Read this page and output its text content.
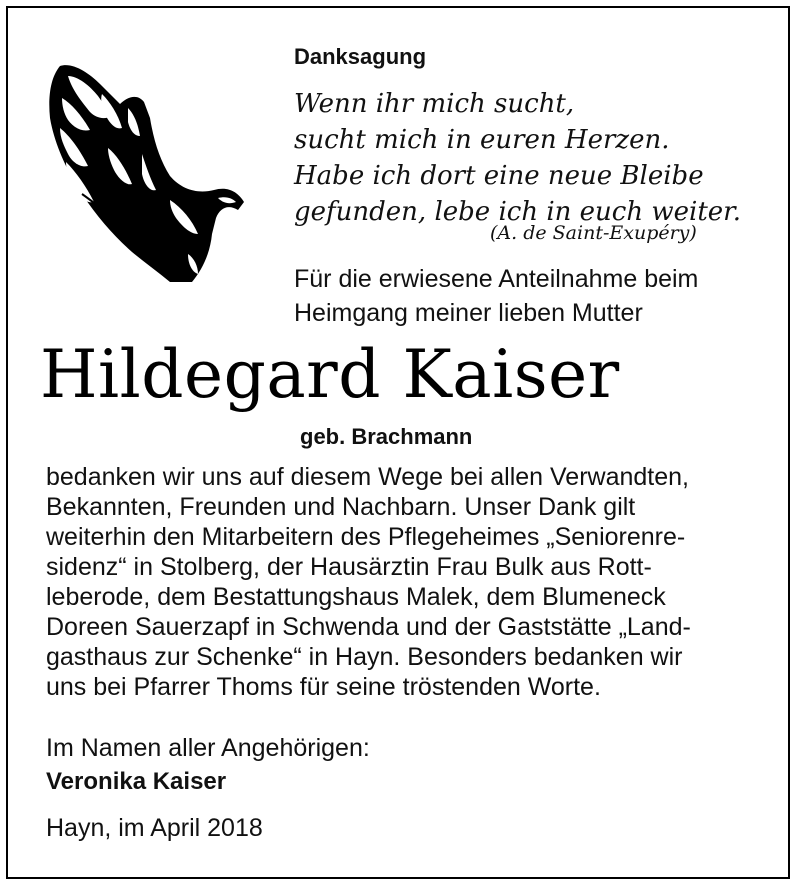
Danksagung
Wenn ihr mich sucht,
sucht mich in euren Herzen.
Habe ich dort eine neue Bleibe
gefunden, lebe ich in euch weiter.
(A. de Saint-Exupéry)
Für die erwiesene Anteilnahme beim
Heimgang meiner lieben Mutter
Hildegard Kaiser
geb. Brachmann
bedanken wir uns auf diesem Wege bei allen Verwandten,
Bekannten, Freunden und Nachbarn. Unser Dank gilt
weiterhin den Mitarbeitern des Pflegeheimes „Seniorenre-
sidenz“ in Stolberg, der Hausärztin Frau Bulk aus Rott-
leberode, dem Bestattungshaus Malek, dem Blumeneck
Doreen Sauerzapf in Schwenda und der Gaststätte „Land-
gasthaus zur Schenke“ in Hayn. Besonders bedanken wir
uns bei Pfarrer Thoms für seine tröstenden Worte.
Im Namen aller Angehörigen:
Veronika Kaiser
Hayn, im April 2018
